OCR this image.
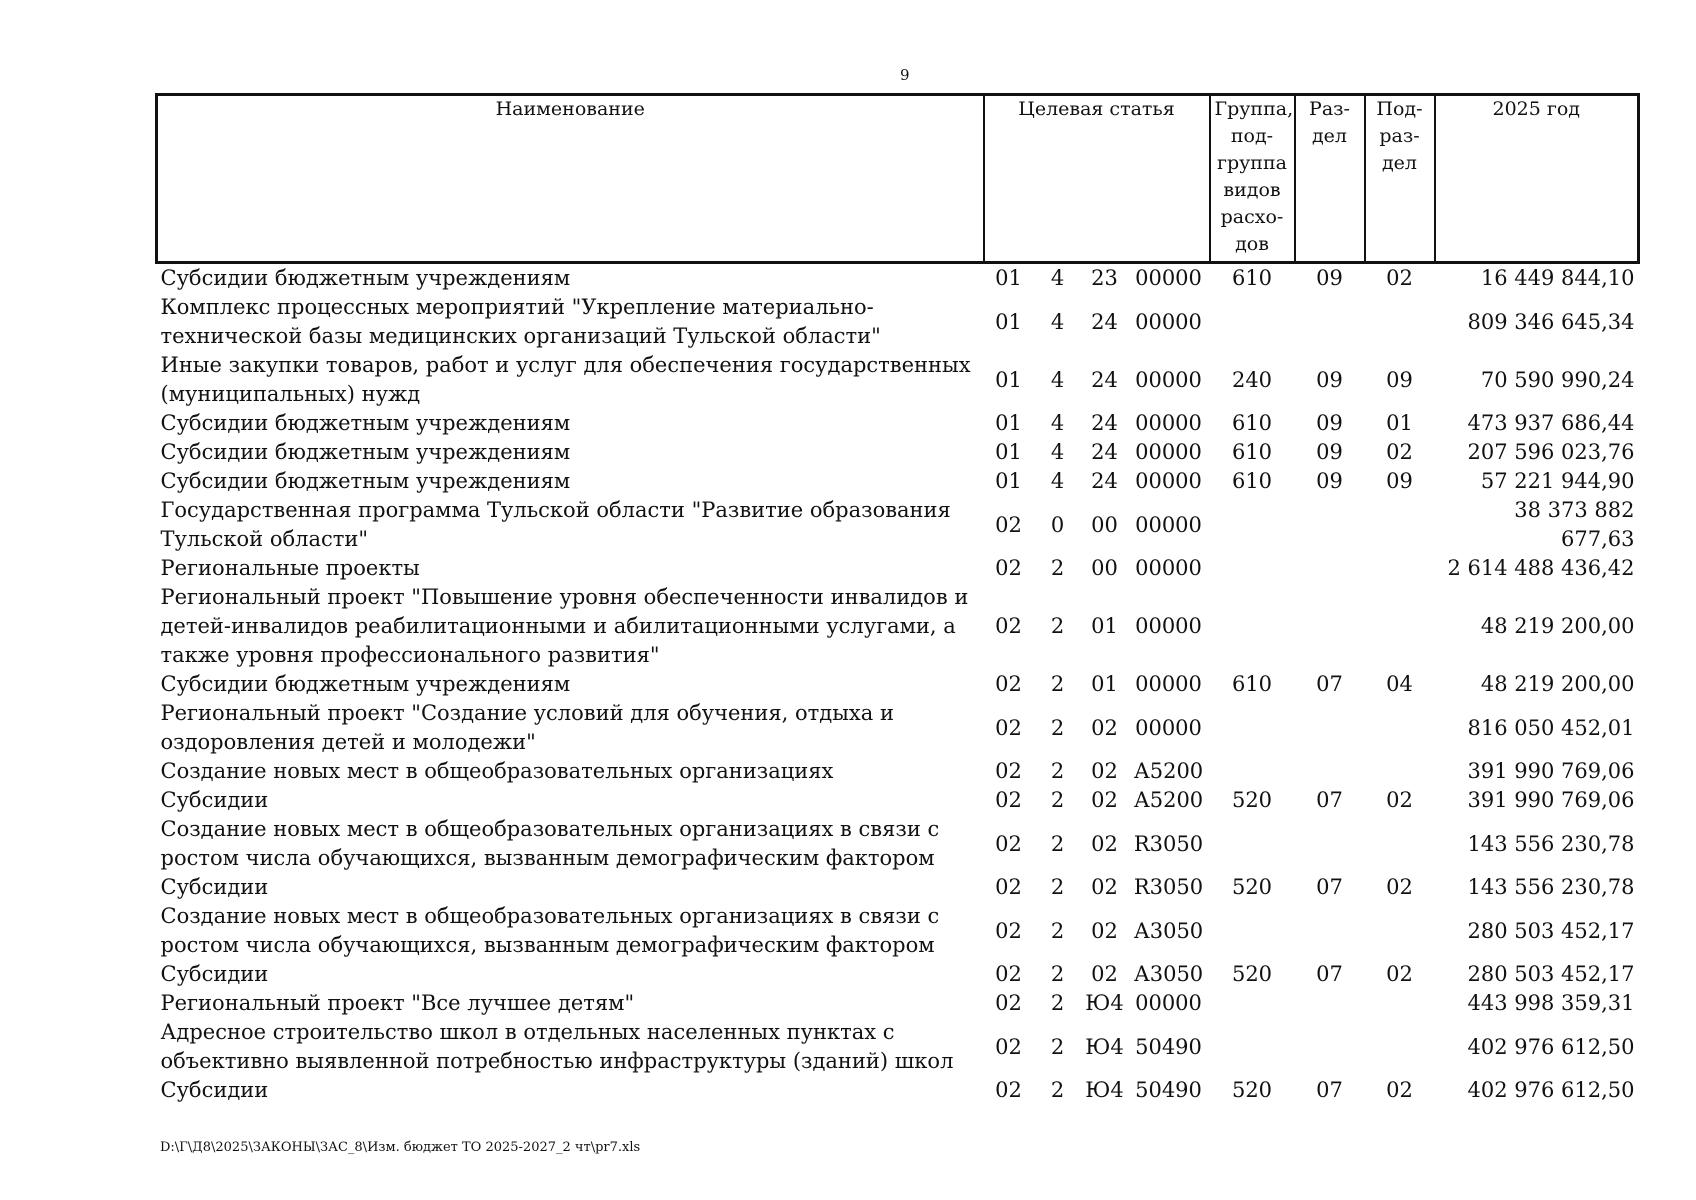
9
Наименование	Целевая статья				Группа, под-группа видов расхо-дов	Раз-дел	Под-раз-дел	2025 год
Субсидии бюджетным учреждениям	01	4	23	00000	610	09	02	16 449 844,10
Комплекс процессных мероприятий "Укрепление материально-технической базы медицинских организаций Тульской области"	01	4	24	00000				809 346 645,34
Иные закупки товаров, работ и услуг для обеспечения государственных (муниципальных) нужд	01	4	24	00000	240	09	09	70 590 990,24
Субсидии бюджетным учреждениям	01	4	24	00000	610	09	01	473 937 686,44
Субсидии бюджетным учреждениям	01	4	24	00000	610	09	02	207 596 023,76
Субсидии бюджетным учреждениям	01	4	24	00000	610	09	09	57 221 944,90
Государственная программа Тульской области "Развитие образования Тульской области"	02	0	00	00000				38 373 882 677,63
Региональные проекты	02	2	00	00000				2 614 488 436,42
Региональный проект "Повышение уровня обеспеченности инвалидов и детей-инвалидов реабилитационными и абилитационными услугами, а также уровня профессионального развития"	02	2	01	00000				48 219 200,00
Субсидии бюджетным учреждениям	02	2	01	00000	610	07	04	48 219 200,00
Региональный проект "Создание условий для обучения, отдыха и оздоровления детей и молодежи"	02	2	02	00000				816 050 452,01
Создание новых мест в общеобразовательных организациях	02	2	02	А5200				391 990 769,06
Субсидии	02	2	02	А5200	520	07	02	391 990 769,06
Создание новых мест в общеобразовательных организациях в связи с ростом числа обучающихся, вызванным демографическим фактором	02	2	02	R3050				143 556 230,78
Субсидии	02	2	02	R3050	520	07	02	143 556 230,78
Создание новых мест в общеобразовательных организациях в связи с ростом числа обучающихся, вызванным демографическим фактором	02	2	02	А3050				280 503 452,17
Субсидии	02	2	02	А3050	520	07	02	280 503 452,17
Региональный проект "Все лучшее детям"	02	2	Ю4	00000				443 998 359,31
Адресное строительство школ в отдельных населенных пунктах с объективно выявленной потребностью инфраструктуры (зданий) школ	02	2	Ю4	50490				402 976 612,50
Субсидии	02	2	Ю4	50490	520	07	02	402 976 612,50
D:\Г\Д8\2025\ЗАКОНЫ\ЗАС_8\Изм. бюджет ТО 2025-2027_2 чт\pr7.xls
